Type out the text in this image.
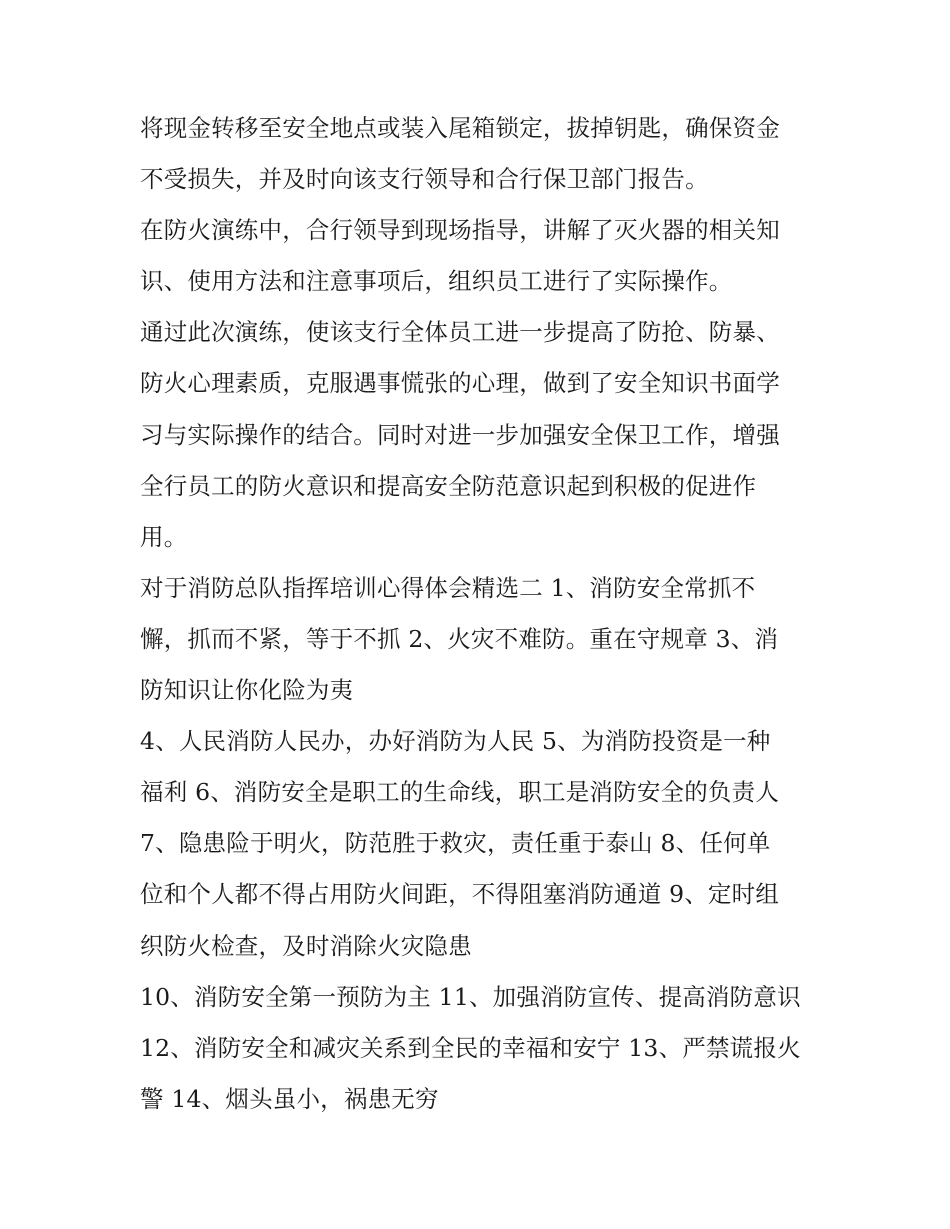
将现金转移至安全地点或装入尾箱锁定，拔掉钥匙，确保资金
不受损失，并及时向该支行领导和合行保卫部门报告。
在防火演练中，合行领导到现场指导，讲解了灭火器的相关知
识、使用方法和注意事项后，组织员工进行了实际操作。
通过此次演练，使该支行全体员工进一步提高了防抢、防暴、
防火心理素质，克服遇事慌张的心理，做到了安全知识书面学
习与实际操作的结合。同时对进一步加强安全保卫工作，增强
全行员工的防火意识和提高安全防范意识起到积极的促进作
用。
对于消防总队指挥培训心得体会精选二 1、消防安全常抓不
懈，抓而不紧，等于不抓 2、火灾不难防。重在守规章 3、消
防知识让你化险为夷
4、人民消防人民办，办好消防为人民 5、为消防投资是一种
福利 6、消防安全是职工的生命线，职工是消防安全的负责人
7、隐患险于明火，防范胜于救灾，责任重于泰山 8、任何单
位和个人都不得占用防火间距，不得阻塞消防通道 9、定时组
织防火检查，及时消除火灾隐患
10、消防安全第一预防为主 11、加强消防宣传、提高消防意识
12、消防安全和减灾关系到全民的幸福和安宁 13、严禁谎报火
警 14、烟头虽小，祸患无穷
